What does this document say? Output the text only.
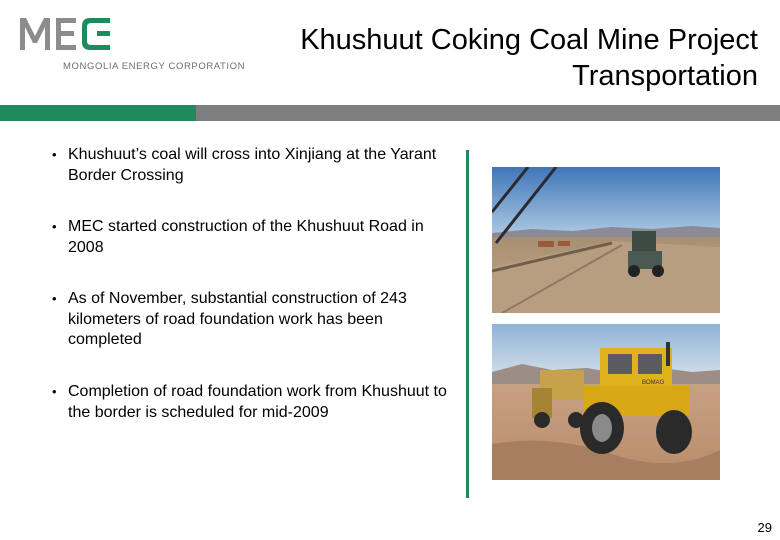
MONGOLIA ENERGY CORPORATION
Khushuut Coking Coal Mine Project
Transportation
• Khushuut’s coal will cross into Xinjiang at the Yarant Border Crossing
• MEC started construction of the Khushuut Road in 2008
• As of November, substantial construction of 243 kilometers of road foundation work has been completed
• Completion of road foundation work from Khushuut to the border is scheduled for mid-2009
BOMAG
29
